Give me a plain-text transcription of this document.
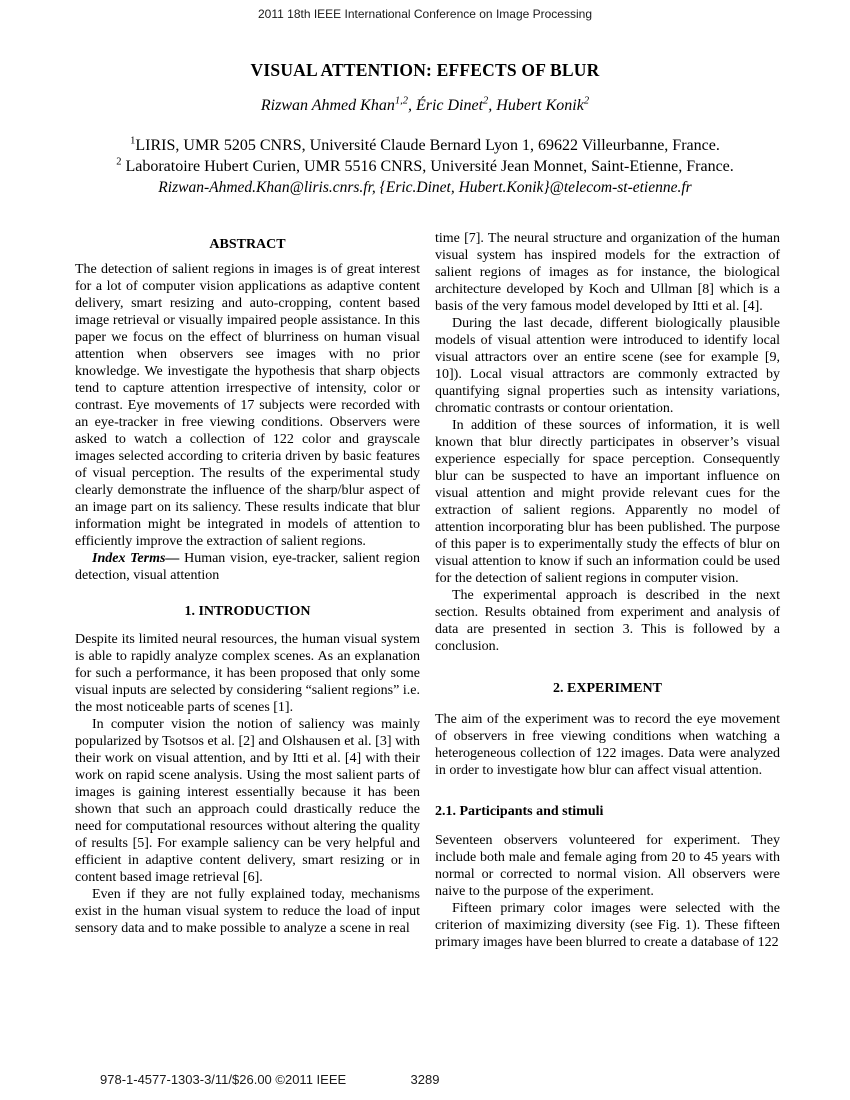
2011 18th IEEE International Conference on Image Processing
VISUAL ATTENTION: EFFECTS OF BLUR
Rizwan Ahmed Khan$^{1,2}$, Éric Dinet$^2$, Hubert Konik$^2$
$^1$LIRIS, UMR 5205 CNRS, Université Claude Bernard Lyon 1, 69622 Villeurbanne, France.
$^2$ Laboratoire Hubert Curien, UMR 5516 CNRS, Université Jean Monnet, Saint-Etienne, France.
Rizwan-Ahmed.Khan@liris.cnrs.fr, {Eric.Dinet, Hubert.Konik}@telecom-st-etienne.fr
ABSTRACT

The detection of salient regions in images is of great interest for a lot of computer vision applications as adaptive content delivery, smart resizing and auto-cropping, content based image retrieval or visually impaired people assistance. In this paper we focus on the effect of blurriness on human visual attention when observers see images with no prior knowledge. We investigate the hypothesis that sharp objects tend to capture attention irrespective of intensity, color or contrast. Eye movements of 17 subjects were recorded with an eye-tracker in free viewing conditions. Observers were asked to watch a collection of 122 color and grayscale images selected according to criteria driven by basic features of visual perception. The results of the experimental study clearly demonstrate the influence of the sharp/blur aspect of an image part on its saliency. These results indicate that blur information might be integrated in models of attention to efficiently improve the extraction of salient regions.

Index Terms— Human vision, eye-tracker, salient region detection, visual attention

1. INTRODUCTION

Despite its limited neural resources, the human visual system is able to rapidly analyze complex scenes. As an explanation for such a performance, it has been proposed that only some visual inputs are selected by considering “salient regions” i.e. the most noticeable parts of scenes [1].

In computer vision the notion of saliency was mainly popularized by Tsotsos et al. [2] and Olshausen et al. [3] with their work on visual attention, and by Itti et al. [4] with their work on rapid scene analysis. Using the most salient parts of images is gaining interest essentially because it has been shown that such an approach could drastically reduce the need for computational resources without altering the quality of results [5]. For example saliency can be very helpful and efficient in adaptive content delivery, smart resizing or in content based image retrieval [6].

Even if they are not fully explained today, mechanisms exist in the human visual system to reduce the load of input sensory data and to make possible to analyze a scene in real

time [7]. The neural structure and organization of the human visual system has inspired models for the extraction of salient regions of images as for instance, the biological architecture developed by Koch and Ullman [8] which is a basis of the very famous model developed by Itti et al. [4].

During the last decade, different biologically plausible models of visual attention were introduced to identify local visual attractors over an entire scene (see for example [9, 10]). Local visual attractors are commonly extracted by quantifying signal properties such as intensity variations, chromatic contrasts or contour orientation.

In addition of these sources of information, it is well known that blur directly participates in observer’s visual experience especially for space perception. Consequently blur can be suspected to have an important influence on visual attention and might provide relevant cues for the extraction of salient regions. Apparently no model of attention incorporating blur has been published. The purpose of this paper is to experimentally study the effects of blur on visual attention to know if such an information could be used for the detection of salient regions in computer vision.

The experimental approach is described in the next section. Results obtained from experiment and analysis of data are presented in section 3. This is followed by a conclusion.

2. EXPERIMENT

The aim of the experiment was to record the eye movement of observers in free viewing conditions when watching a heterogeneous collection of 122 images. Data were analyzed in order to investigate how blur can affect visual attention.

2.1. Participants and stimuli

Seventeen observers volunteered for experiment. They include both male and female aging from 20 to 45 years with normal or corrected to normal vision. All observers were naive to the purpose of the experiment.

Fifteen primary color images were selected with the criterion of maximizing diversity (see Fig. 1). These fifteen primary images have been blurred to create a database of 122

978-1-4577-1303-3/11/$26.00 ©2011 IEEE	3289
